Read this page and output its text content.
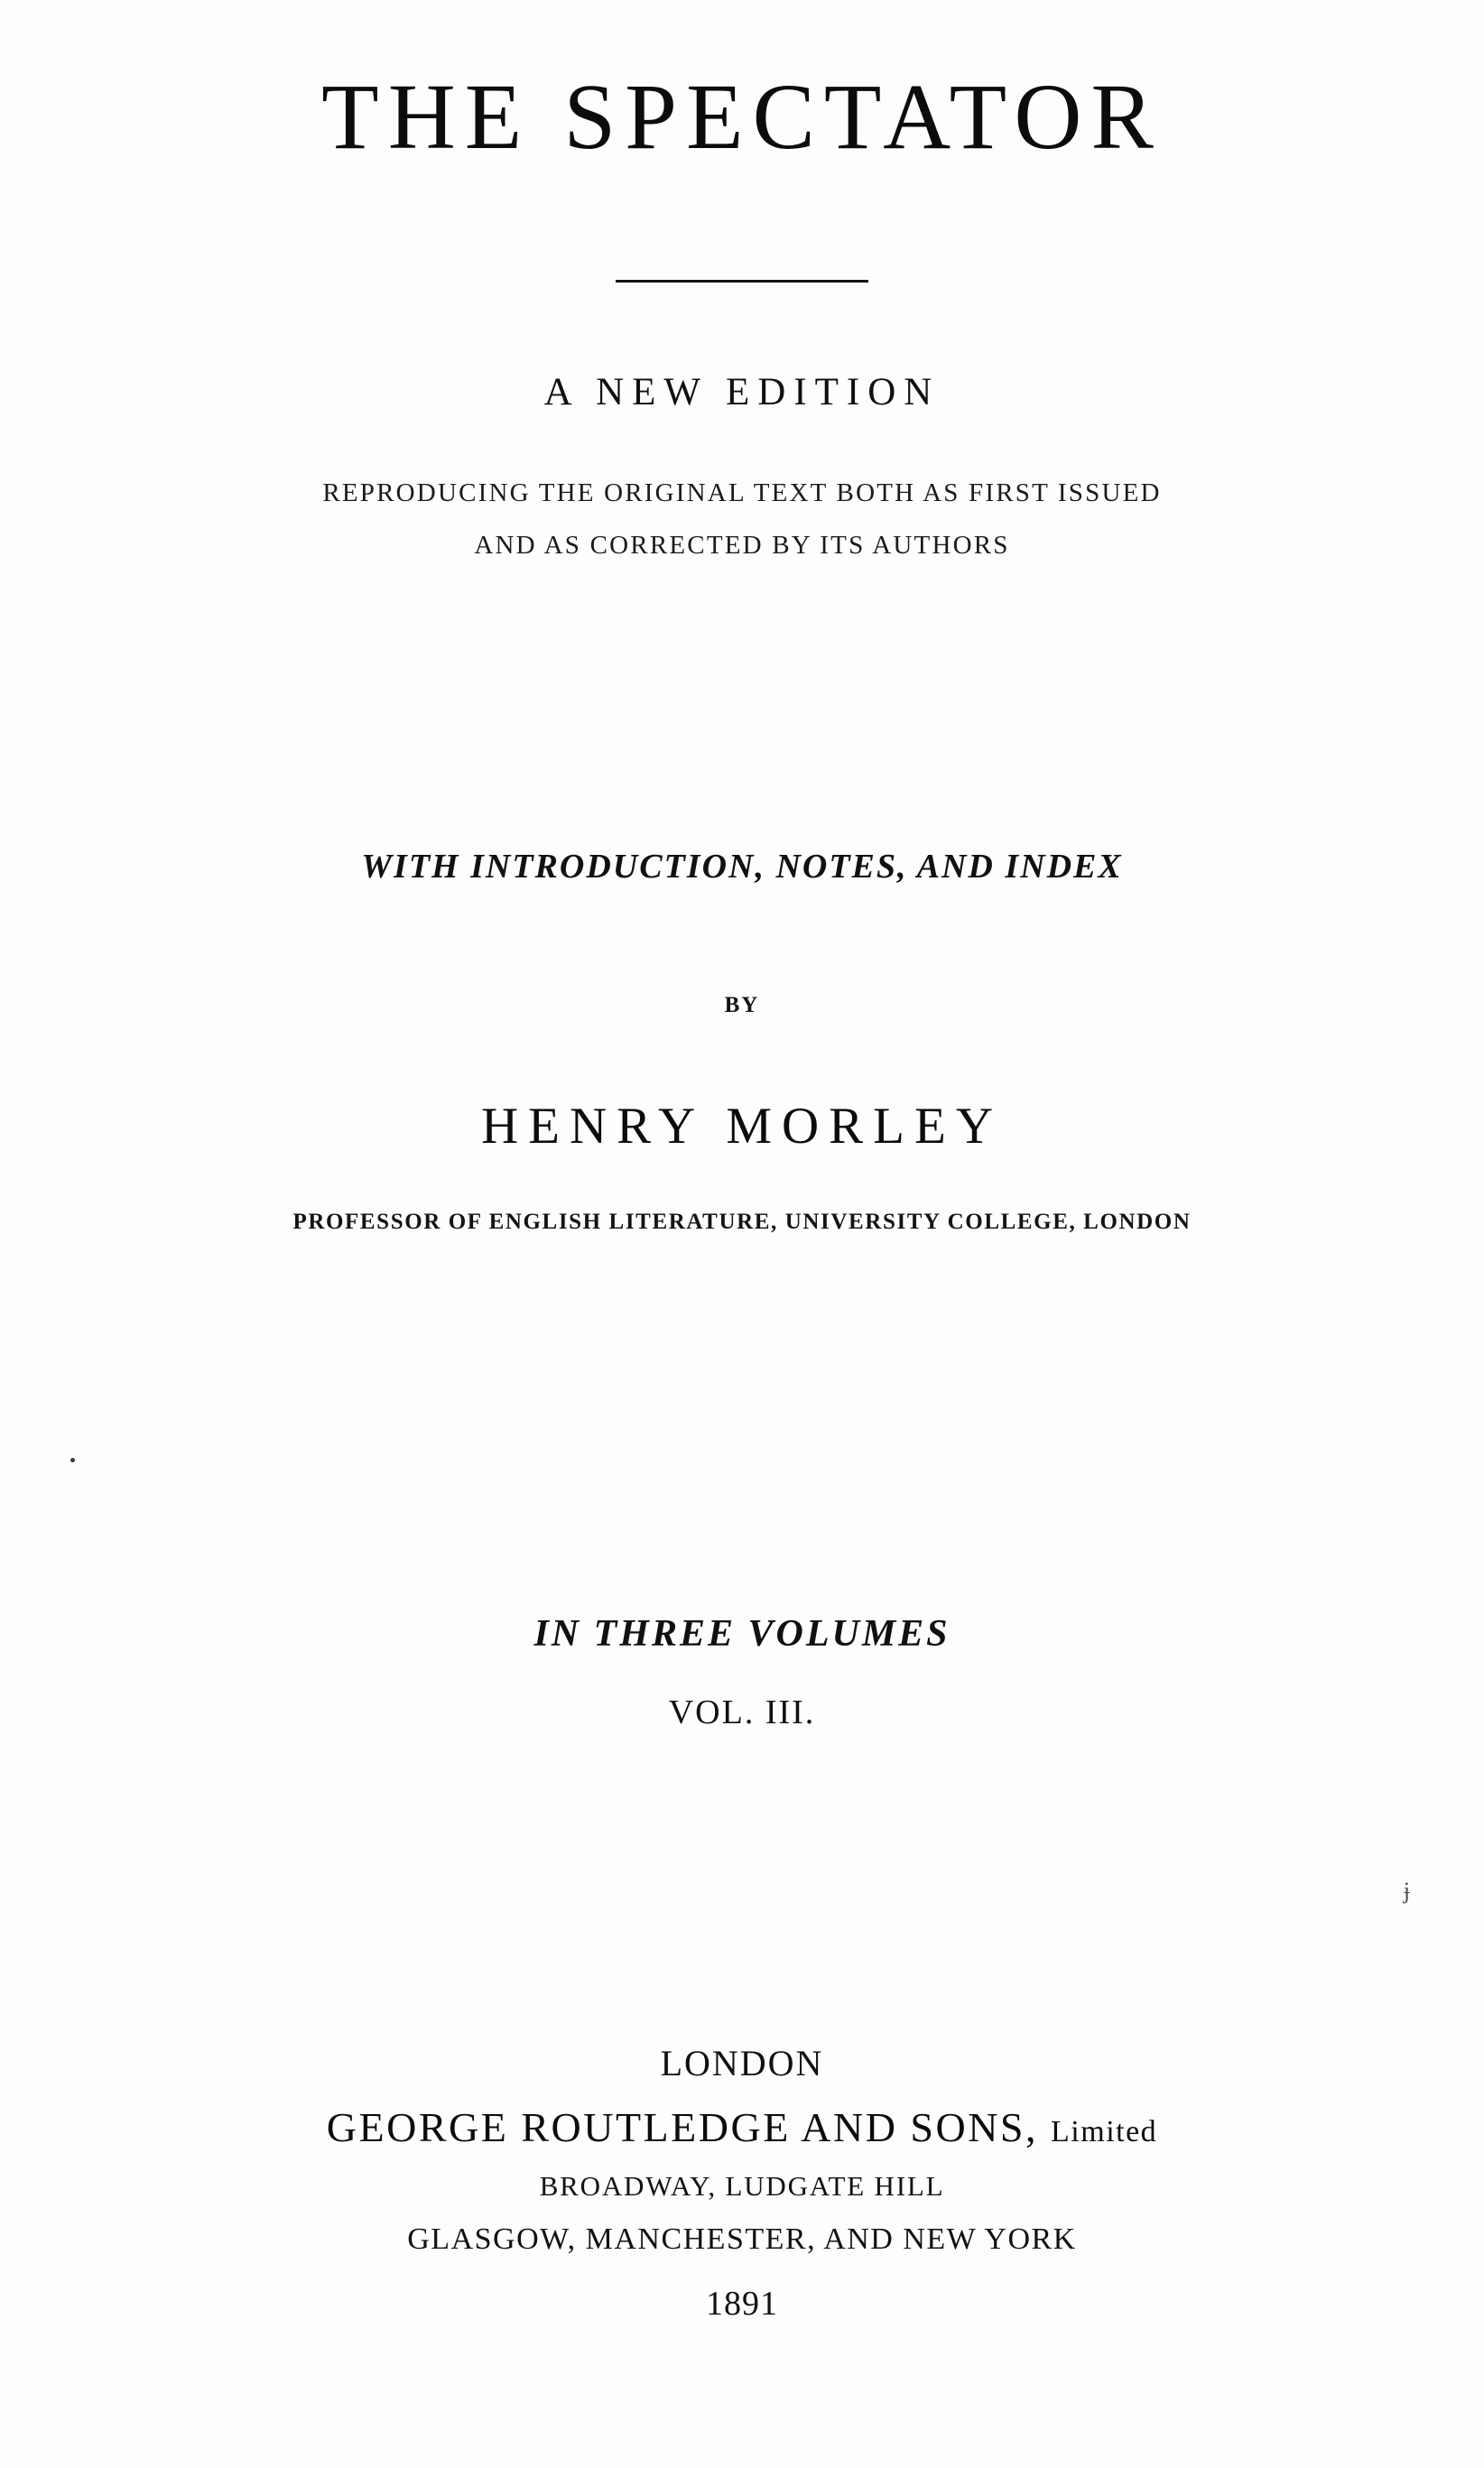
THE SPECTATOR
A NEW EDITION
REPRODUCING THE ORIGINAL TEXT BOTH AS FIRST ISSUED
AND AS CORRECTED BY ITS AUTHORS
WITH INTRODUCTION, NOTES, AND INDEX
BY
HENRY MORLEY
PROFESSOR OF ENGLISH LITERATURE, UNIVERSITY COLLEGE, LONDON
IN THREE VOLUMES
VOL. III.
ɉ
LONDON
GEORGE ROUTLEDGE AND SONS, Limited
BROADWAY, LUDGATE HILL
GLASGOW, MANCHESTER, AND NEW YORK
1891
